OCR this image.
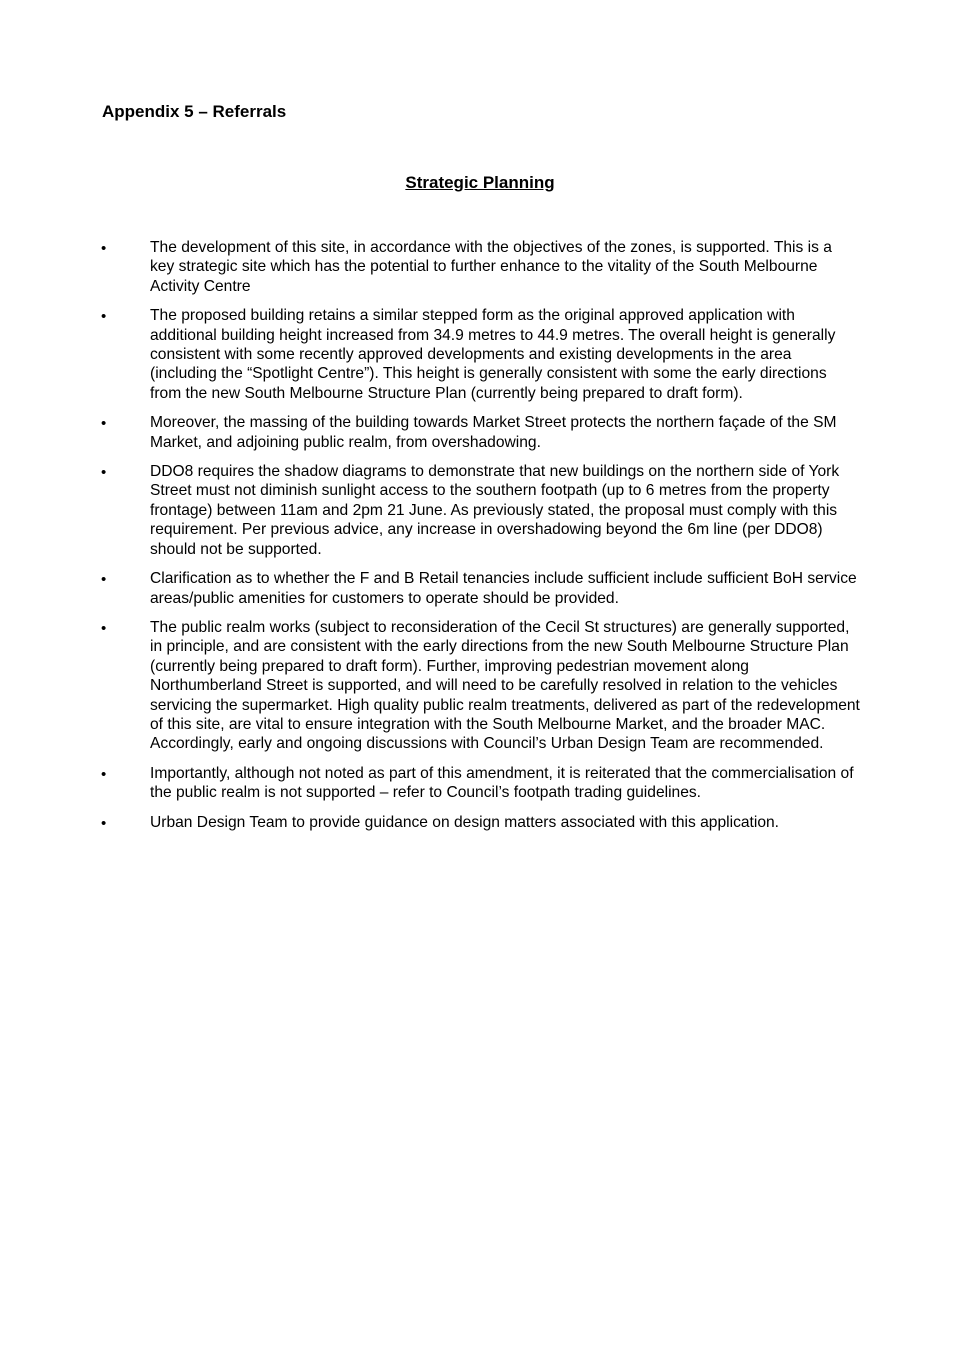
Appendix 5 – Referrals
Strategic Planning
•	The development of this site, in accordance with the objectives of the zones, is supported. This is a key strategic site which has the potential to further enhance to the vitality of the South Melbourne Activity Centre
•	The proposed building retains a similar stepped form as the original approved application with additional building height increased from 34.9 metres to 44.9 metres. The overall height is generally consistent with some recently approved developments and existing developments in the area (including the “Spotlight Centre”). This height is generally consistent with some the early directions from the new South Melbourne Structure Plan (currently being prepared to draft form).
•	Moreover, the massing of the building towards Market Street protects the northern façade of the SM Market, and adjoining public realm, from overshadowing.
•	DDO8 requires the shadow diagrams to demonstrate that new buildings on the northern side of York Street must not diminish sunlight access to the southern footpath (up to 6 metres from the property frontage) between 11am and 2pm 21 June. As previously stated, the proposal must comply with this requirement. Per previous advice, any increase in overshadowing beyond the 6m line (per DDO8) should not be supported.
•	Clarification as to whether the F and B Retail tenancies include sufficient include sufficient BoH service areas/public amenities for customers to operate should be provided.
•	The public realm works (subject to reconsideration of the Cecil St structures) are generally supported, in principle, and are consistent with the early directions from the new South Melbourne Structure Plan (currently being prepared to draft form). Further, improving pedestrian movement along Northumberland Street is supported, and will need to be carefully resolved in relation to the vehicles servicing the supermarket. High quality public realm treatments, delivered as part of the redevelopment of this site, are vital to ensure integration with the South Melbourne Market, and the broader MAC. Accordingly, early and ongoing discussions with Council’s Urban Design Team are recommended.
•	Importantly, although not noted as part of this amendment, it is reiterated that the commercialisation of the public realm is not supported – refer to Council’s footpath trading guidelines.
•	Urban Design Team to provide guidance on design matters associated with this application.
